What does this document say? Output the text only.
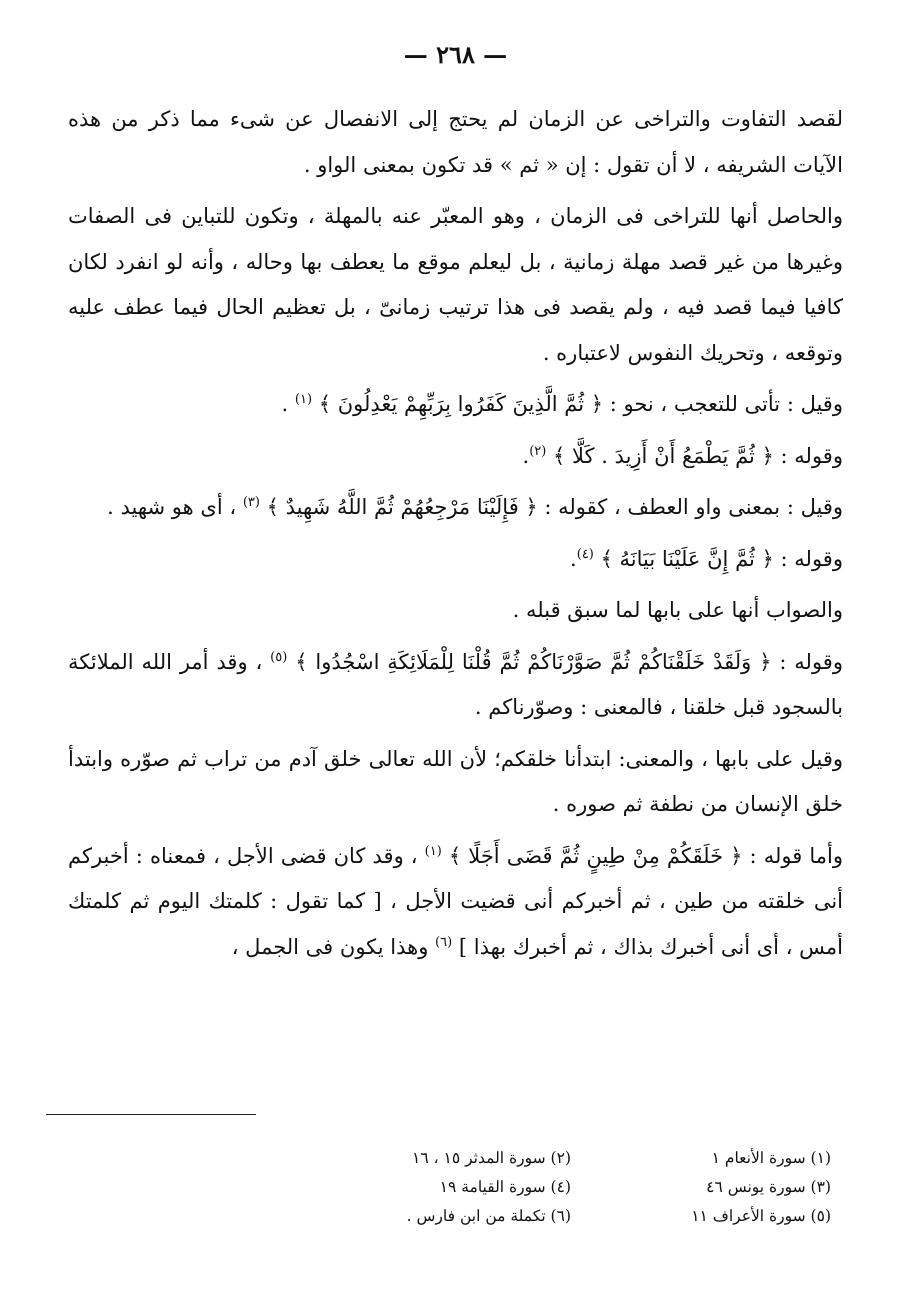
— ٢٦٨ —

لقصد التفاوت والتراخى عن الزمان لم يحتج إلى الانفصال عن شىء مما ذكر من هذه الآيات الشريفه ، لا أن تقول : إن « ثم » قد تكون بمعنى الواو .

والحاصل أنها للتراخى فى الزمان ، وهو المعبّر عنه بالمهلة ، وتكون للتباين فى الصفات وغيرها من غير قصد مهلة زمانية ، بل ليعلم موقع ما يعطف بها وحاله ، وأنه لو انفرد لكان كافيا فيما قصد فيه ، ولم يقصد فى هذا ترتيب زمانىّ ، بل تعظيم الحال فيما عطف عليه وتوقعه ، وتحريك النفوس لاعتباره .

وقيل : تأتى للتعجب ، نحو : ﴿ ثُمَّ الَّذِينَ كَفَرُوا بِرَبِّهِمْ يَعْدِلُونَ ﴾ $^{(١)}$ .

وقوله : ﴿ ثُمَّ يَطْمَعُ أَنْ أَزِيدَ . كَلَّا ﴾ $^{(٢)}$.

وقيل : بمعنى واو العطف ، كقوله : ﴿ فَإِلَيْنَا مَرْجِعُهُمْ ثُمَّ اللَّهُ شَهِيدٌ ﴾ $^{(٣)}$ ، أى هو شهيد .

وقوله : ﴿ ثُمَّ إِنَّ عَلَيْنَا بَيَانَهُ ﴾ $^{(٤)}$.

والصواب أنها على بابها لما سبق قبله .

وقوله : ﴿ وَلَقَدْ خَلَقْنَاكُمْ ثُمَّ صَوَّرْنَاكُمْ ثُمَّ قُلْنَا لِلْمَلَائِكَةِ اسْجُدُوا ﴾ $^{(٥)}$ ، وقد أمر الله الملائكة بالسجود قبل خلقنا ، فالمعنى : وصوّرناكم .

وقيل على بابها ، والمعنى: ابتدأنا خلقكم؛ لأن الله تعالى خلق آدم من تراب ثم صوّره وابتدأ خلق الإنسان من نطفة ثم صوره .

وأما قوله : ﴿ خَلَقَكُمْ مِنْ طِينٍ ثُمَّ قَضَى أَجَلًا ﴾ $^{(١)}$ ، وقد كان قضى الأجل ، فمعناه : أخبركم أنى خلقته من طين ، ثم أخبركم أنى قضيت الأجل ، [ كما تقول : كلمتك اليوم ثم كلمتك أمس ، أى أنى أخبرك بذاك ، ثم أخبرك بهذا ] $^{(٦)}$ وهذا يكون فى الجمل ،

(١) سورة الأنعام ١
(٣) سورة يونس ٤٦
(٥) سورة الأعراف ١١
(٢) سورة المدثر ١٥ ، ١٦
(٤) سورة القيامة ١٩
(٦) تكملة من ابن فارس .
